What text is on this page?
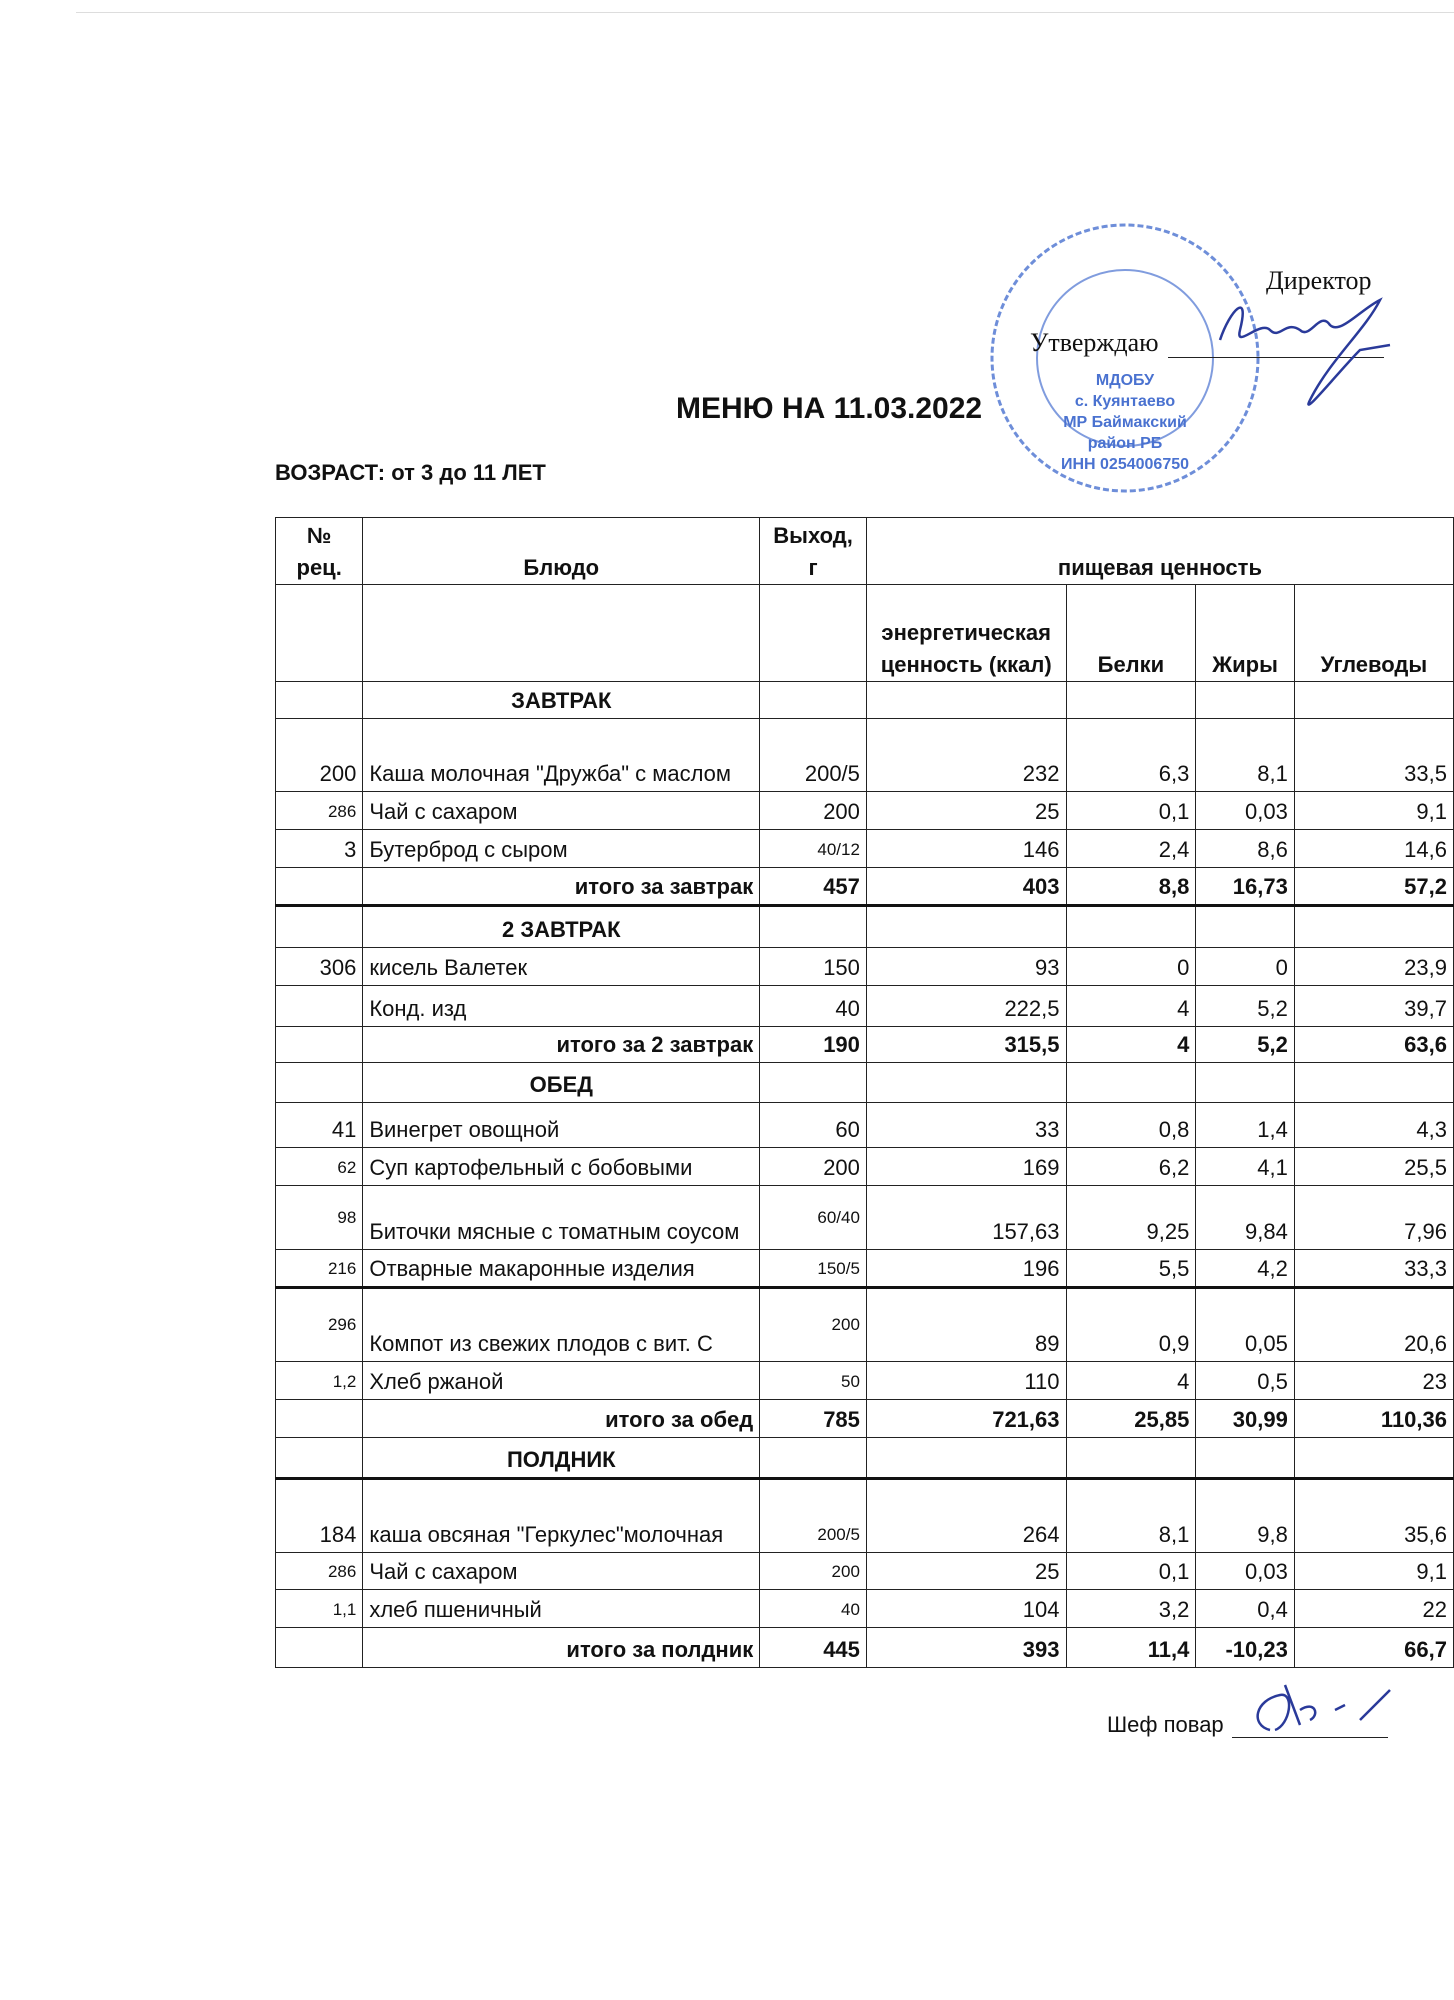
МДОБУ с. Куянтаево МР Баймакский район РБ ИНН 0254006750
Директор
Утверждаю
МЕНЮ НА 11.03.2022
ВОЗРАСТ: от 3 до 11 ЛЕТ
№ рец.	Блюдо	Выход, г	пищевая ценность			
			энергетическая ценность (ккал)	Белки	Жиры	Углеводы
	ЗАВТРАК					
200	Каша молочная "Дружба" с маслом	200/5	232	6,3	8,1	33,5
286	Чай с сахаром	200	25	0,1	0,03	9,1
3	Бутерброд с сыром	40/12	146	2,4	8,6	14,6
	итого за завтрак	457	403	8,8	16,73	57,2
	2 ЗАВТРАК					
306	кисель Валетек	150	93	0	0	23,9
	Конд. изд	40	222,5	4	5,2	39,7
	итого за 2 завтрак	190	315,5	4	5,2	63,6
	ОБЕД					
41	Винегрет овощной	60	33	0,8	1,4	4,3
62	Суп картофельный с бобовыми	200	169	6,2	4,1	25,5
98	Биточки мясные с томатным соусом	60/40	157,63	9,25	9,84	7,96
216	Отварные макаронные изделия	150/5	196	5,5	4,2	33,3
296	Компот из свежих плодов с вит. С	200	89	0,9	0,05	20,6
1,2	Хлеб ржаной	50	110	4	0,5	23
	итого за обед	785	721,63	25,85	30,99	110,36
	ПОЛДНИК					
184	каша овсяная "Геркулес"молочная	200/5	264	8,1	9,8	35,6
286	Чай с сахаром	200	25	0,1	0,03	9,1
1,1	хлеб пшеничный	40	104	3,2	0,4	22
	итого за полдник	445	393	11,4	-10,23	66,7
Шеф повар
